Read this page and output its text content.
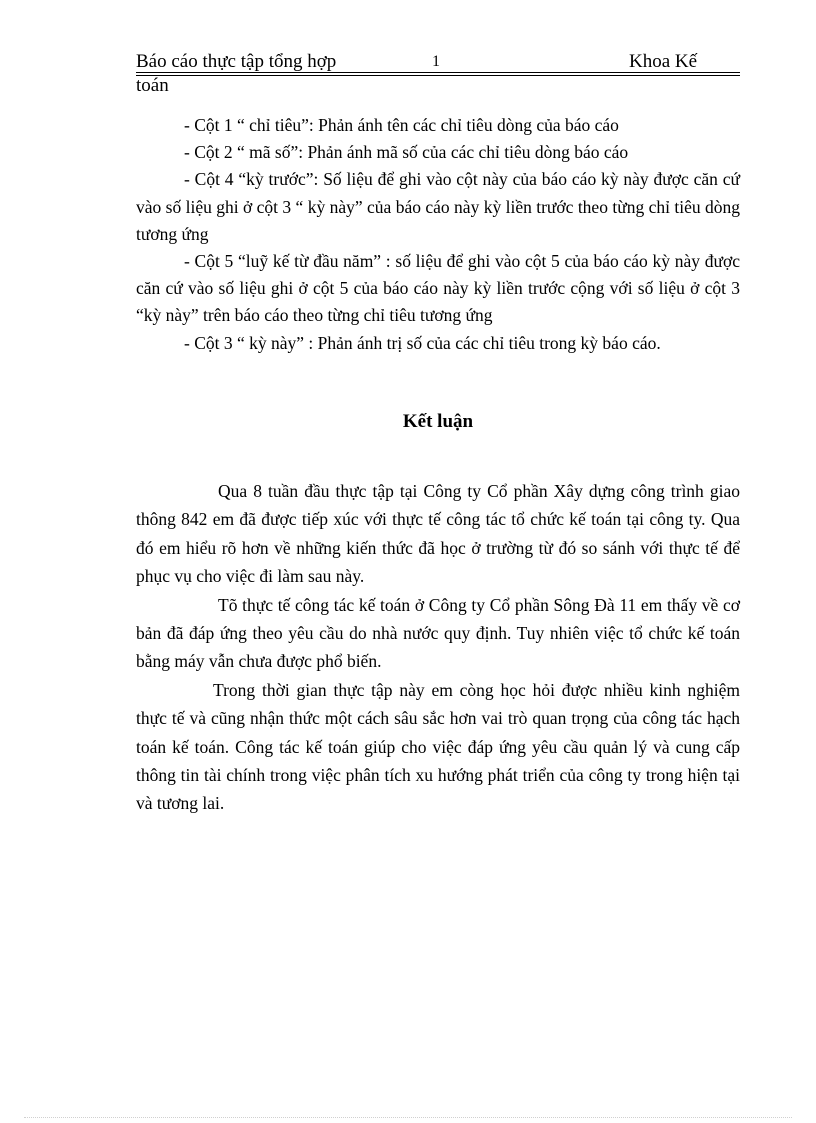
Báo cáo thực tập tổng hợp	1	Khoa Kế
toán

- Cột 1 “ chỉ tiêu”: Phản ánh tên các chỉ tiêu dòng của báo cáo

- Cột 2 “ mã số”: Phản ánh mã số của các chỉ tiêu dòng báo cáo

- Cột 4 “kỳ trước”: Số liệu để ghi vào cột này của báo cáo kỳ này được căn cứ vào số liệu ghi ở cột 3 “ kỳ này” của báo cáo này kỳ liền trước theo từng chỉ tiêu dòng tương ứng

- Cột 5 “luỹ kế từ đầu năm” : số liệu để ghi vào cột 5 của báo cáo kỳ này được căn cứ vào số liệu ghi ở cột 5 của báo cáo này kỳ liền trước cộng với số liệu ở cột 3 “kỳ này” trên báo cáo theo từng chỉ tiêu tương ứng

- Cột 3 “ kỳ này” : Phản ánh trị số của các chỉ tiêu trong kỳ báo cáo.

Kết luận

Qua 8 tuần đầu thực tập tại Công ty Cổ phần Xây dựng công trình giao thông 842 em đã được tiếp xúc với thực tế công tác tổ chức kế toán tại công ty. Qua đó em hiểu rõ hơn về những kiến thức đã học ở trường từ đó so sánh với thực tế để phục vụ cho việc đi làm sau này.

Tõ thực tế công tác kế toán ở Công ty Cổ phần Sông Đà 11 em thấy về cơ bản đã đáp ứng theo yêu cầu do nhà nước quy định. Tuy nhiên việc tổ chức kế toán bằng máy vẫn chưa được phổ biến.

Trong thời gian thực tập này em còng học hỏi được nhiều kinh nghiệm thực tế và cũng nhận thức một cách sâu sắc hơn vai trò quan trọng của công tác hạch toán kế toán. Công tác kế toán giúp cho việc đáp ứng yêu cầu quản lý và cung cấp thông tin tài chính trong việc phân tích xu hướng phát triển của công ty trong hiện tại và tương lai.
